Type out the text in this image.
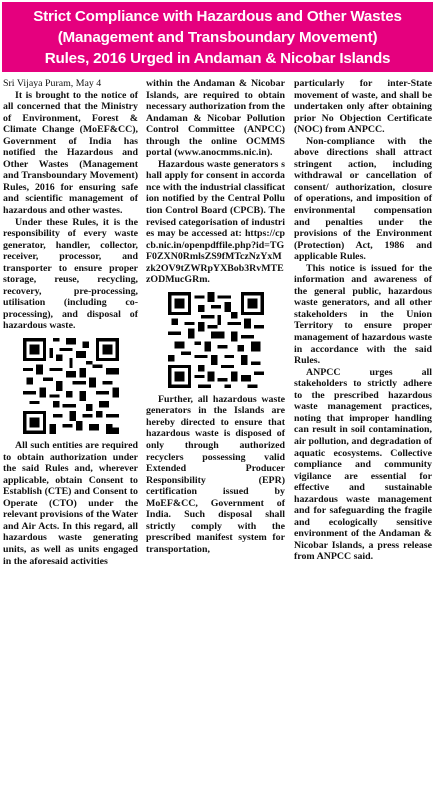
Strict Compliance with Hazardous and Other Wastes
(Management and Transboundary Movement)
Rules, 2016 Urged in Andaman & Nicobar Islands

Sri Vijaya Puram, May 4

It is brought to the notice of all concerned that the Ministry of Environment, Forest & Climate Change (MoEF&CC), Government of India has notified the Hazardous and Other Wastes (Management and Transboundary Movement) Rules, 2016 for ensuring safe and scientific management of hazardous and other wastes.

Under these Rules, it is the responsibility of every waste generator, handler, collector, receiver, processor, and transporter to ensure proper storage, reuse, recycling, recovery, pre-processing, utilisation (including co-processing), and disposal of hazardous waste.

All such entities are required to obtain authorization under the said Rules and, wherever applicable, obtain Consent to Establish (CTE) and Consent to Operate (CTO) under the relevant provisions of the Water and Air Acts. In this regard, all hazardous waste generating units, as well as units engaged in the aforesaid activities

within the Andaman & Nicobar Islands, are required to obtain necessary authorization from the Andaman & Nicobar Pollution Control Committee (ANPCC) through the online OCMMS portal (www.anocmms.nic.in).

Hazardous waste generators shall apply for consent in accordance with the industrial classification notified by the Central Pollution Control Board (CPCB). The revised categorisation of industries may be accessed at: https://cpcb.nic.in/openpdffile.php?id=TGF0ZXN0RmlsZS9fMTczNzYxMzk2OV9tZWRpYXBob3RvMTEzODMucGRm.

Further, all hazardous waste generators in the Islands are hereby directed to ensure that hazardous waste is disposed of only through authorized recyclers possessing valid Extended Producer Responsibility (EPR) certification issued by MoEF&CC, Government of India. Such disposal shall strictly comply with the prescribed manifest system for transportation,

particularly for inter-State movement of waste, and shall be undertaken only after obtaining prior No Objection Certificate (NOC) from ANPCC.

Non-compliance with the above directions shall attract stringent action, including withdrawal or cancellation of consent/ authorization, closure of operations, and imposition of environmental compensation and penalties under the provisions of the Environment (Protection) Act, 1986 and applicable Rules.

This notice is issued for the information and awareness of the general public, hazardous waste generators, and all other stakeholders in the Union Territory to ensure proper management of hazardous waste in accordance with the said Rules.

ANPCC urges all stakeholders to strictly adhere to the prescribed hazardous waste management practices, noting that improper handling can result in soil contamination, air pollution, and degradation of aquatic ecosystems. Collective compliance and community vigilance are essential for effective and sustainable hazardous waste management and for safeguarding the fragile and ecologically sensitive environment of the Andaman & Nicobar Islands, a press release from ANPCC said.
